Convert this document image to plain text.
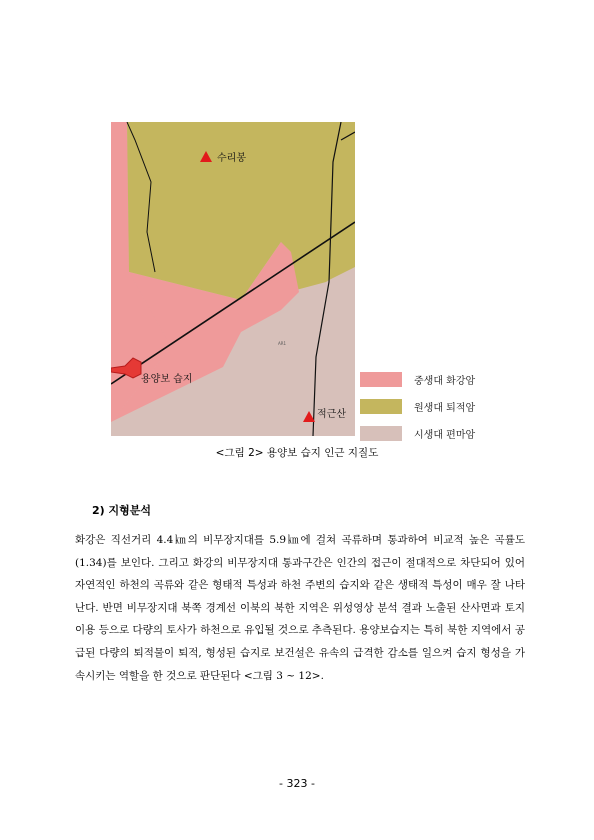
수리봉
용양보 습지
적근산
AR1
중생대 화강암
원생대 퇴적암
시생대 편마암
<그림 2> 용양보 습지 인근 지질도
2) 지형분석
화강은 직선거리 4.4㎞의 비무장지대를 5.9㎞에 걸쳐 곡류하며 통과하여 비교적 높은 곡률도(1.34)를 보인다. 그리고 화강의 비무장지대 통과구간은 인간의 접근이 절대적으로 차단되어 있어 자연적인 하천의 곡류와 같은 형태적 특성과 하천 주변의 습지와 같은 생태적 특성이 매우 잘 나타난다. 반면 비무장지대 북쪽 경계선 이북의 북한 지역은 위성영상 분석 결과 노출된 산사면과 토지이용 등으로 다량의 토사가 하천으로 유입될 것으로 추측된다. 용양보습지는 특히 북한 지역에서 공급된 다량의 퇴적물이 퇴적, 형성된 습지로 보건설은 유속의 급격한 감소를 일으켜 습지 형성을 가속시키는 역할을 한 것으로 판단된다 <그림 3 ~ 12>.
- 323 -
